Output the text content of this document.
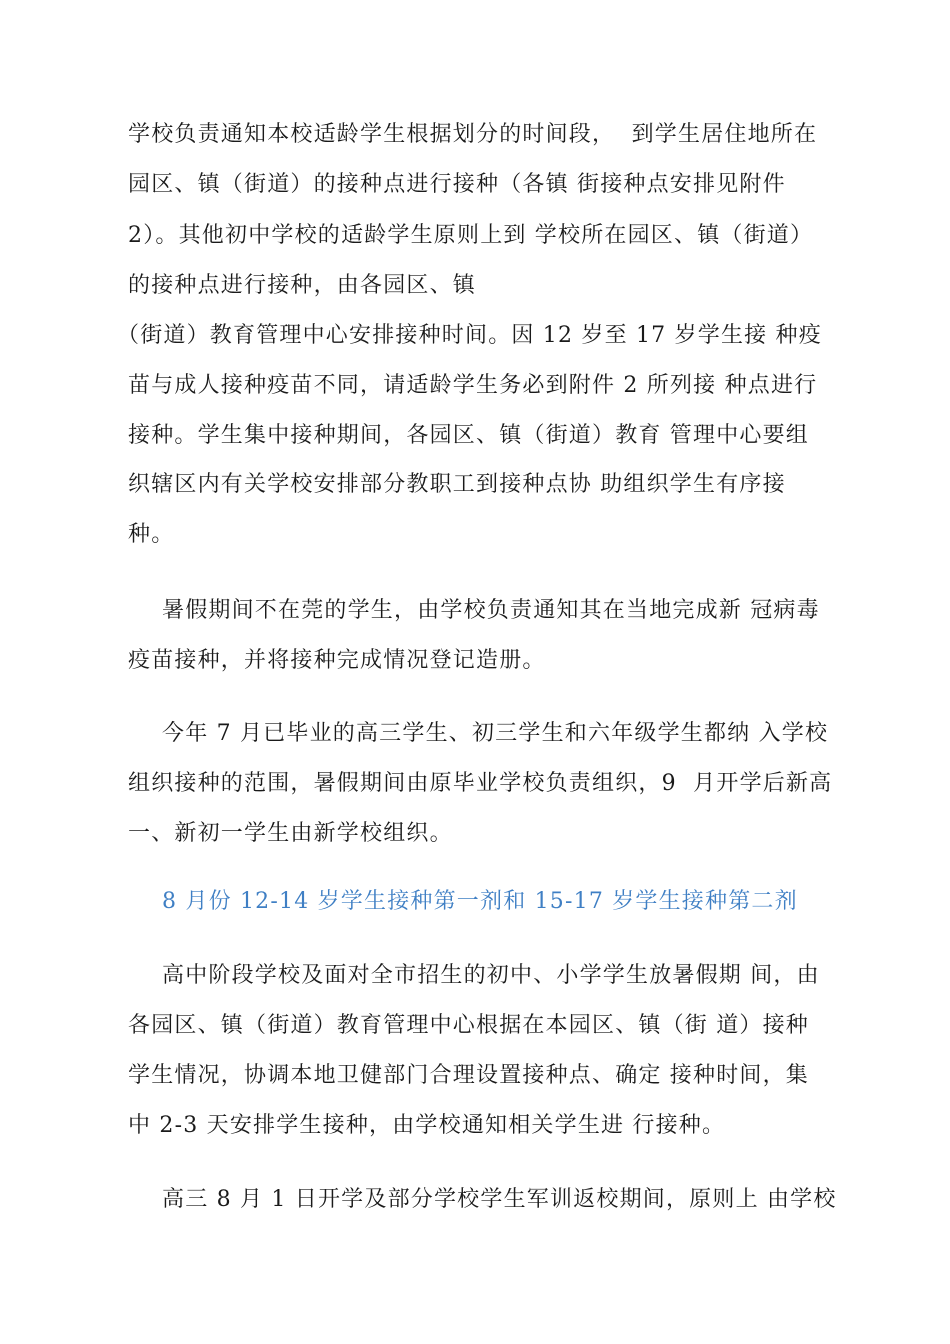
学校负责通知本校适龄学生根据划分的时间段，  到学生居住地所在
园区、镇（街道）的接种点进行接种（各镇 街接种点安排见附件
2）。其他初中学校的适龄学生原则上到 学校所在园区、镇（街道）
的接种点进行接种，由各园区、镇
（街道）教育管理中心安排接种时间。因 12 岁至 17 岁学生接 种疫
苗与成人接种疫苗不同，请适龄学生务必到附件 2 所列接 种点进行
接种。学生集中接种期间，各园区、镇（街道）教育 管理中心要组
织辖区内有关学校安排部分教职工到接种点协 助组织学生有序接
种。
暑假期间不在莞的学生，由学校负责通知其在当地完成新 冠病毒
疫苗接种，并将接种完成情况登记造册。
今年 7 月已毕业的高三学生、初三学生和六年级学生都纳 入学校
组织接种的范围，暑假期间由原毕业学校负责组织，9  月开学后新高
一、新初一学生由新学校组织。
8 月份 12-14 岁学生接种第一剂和 15-17 岁学生接种第二剂
高中阶段学校及面对全市招生的初中、小学学生放暑假期 间，由
各园区、镇（街道）教育管理中心根据在本园区、镇（街 道）接种
学生情况，协调本地卫健部门合理设置接种点、确定 接种时间，集
中 2-3 天安排学生接种，由学校通知相关学生进 行接种。
高三 8 月 1 日开学及部分学校学生军训返校期间，原则上 由学校
